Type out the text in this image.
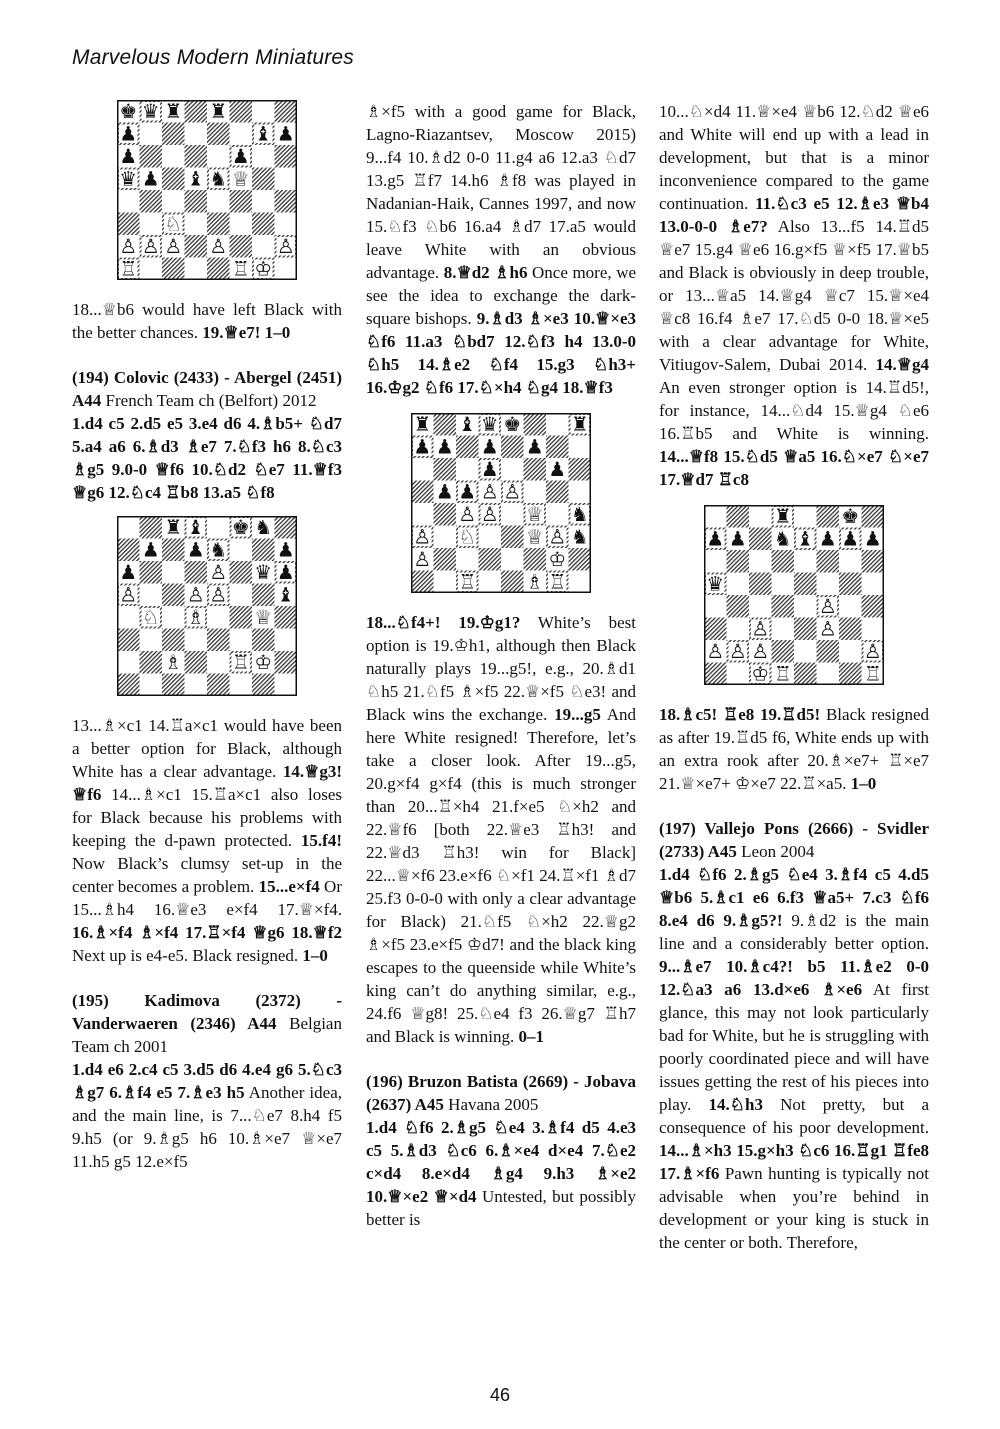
Marvelous Modern Miniatures
♚ ♛ ♜ ♜
♟	♝ ♟
♟	♟
♛ ♟ ♝ ♞ ♕
♘
♙ ♙ ♙ ♙	♙
♖	♖ ♔

18...♕b6 would have left Black with the better chances. 19.♕e7! 1–0

(194) Colovic (2433) - Abergel (2451) A44 French Team ch (Belfort) 2012

1.d4 c5 2.d5 e5 3.e4 d6 4.♗b5+ ♘d7 5.a4 a6 6.♗d3 ♗e7 7.♘f3 h6 8.♘c3 ♗g5 9.0-0 ♕f6 10.♘d2 ♘e7 11.♕f3 ♕g6 12.♘c4 ♖b8 13.a5 ♘f8

♜ ♝ ♚ ♞
♟ ♟ ♞	♟
♟	♙ ♛ ♟
♙	♙ ♙	♝
♘ ♗	♕
♗	♖ ♔

13...♗×c1 14.♖a×c1 would have been a better option for Black, although White has a clear advantage. 14.♕g3! ♕f6 14...♗×c1 15.♖a×c1 also loses for Black because his problems with keeping the d-pawn protected. 15.f4! Now Black’s clumsy set-up in the center becomes a problem. 15...e×f4 Or 15...♗h4 16.♕e3 e×f4 17.♕×f4. 16.♗×f4 ♗×f4 17.♖×f4 ♕g6 18.♕f2 Next up is e4-e5. Black resigned. 1–0

(195) Kadimova (2372) - Vanderwaeren (2346) A44 Belgian Team ch 2001

1.d4 e6 2.c4 c5 3.d5 d6 4.e4 g6 5.♘c3 ♗g7 6.♗f4 e5 7.♗e3 h5 Another idea, and the main line, is 7...♘e7 8.h4 f5 9.h5 (or 9.♗g5 h6 10.♗×e7 ♕×e7 11.h5 g5 12.e×f5

♗×f5 with a good game for Black, Lagno-Riazantsev, Moscow 2015) 9...f4 10.♗d2 0-0 11.g4 a6 12.a3 ♘d7 13.g5 ♖f7 14.h6 ♗f8 was played in Nadanian-Haik, Cannes 1997, and now 15.♘f3 ♘b6 16.a4 ♗d7 17.a5 would leave White with an obvious advantage. 8.♕d2 ♗h6 Once more, we see the idea to exchange the dark-square bishops. 9.♗d3 ♗×e3 10.♕×e3 ♘f6 11.a3 ♘bd7 12.♘f3 h4 13.0-0 ♘h5 14.♗e2 ♘f4 15.g3 ♘h3+ 16.♔g2 ♘f6 17.♘×h4 ♘g4 18.♕f3

♜ ♝ ♛ ♚	♜
♟ ♟ ♟ ♟
♟	♟
♟ ♟ ♙ ♙
♙ ♙ ♕ ♞
♙ ♘	♕ ♙ ♞
♙	♔
♖	♗ ♖

18...♘f4+! 19.♔g1? White’s best option is 19.♔h1, although then Black naturally plays 19...g5!, e.g., 20.♗d1 ♘h5 21.♘f5 ♗×f5 22.♕×f5 ♘e3! and Black wins the exchange. 19...g5 And here White resigned! Therefore, let’s take a closer look. After 19...g5, 20.g×f4 g×f4 (this is much stronger than 20...♖×h4 21.f×e5 ♘×h2 and 22.♕f6 [both 22.♕e3 ♖h3! and 22.♕d3 ♖h3! win for Black] 22...♕×f6 23.e×f6 ♘×f1 24.♖×f1 ♗d7 25.f3 0-0-0 with only a clear advantage for Black) 21.♘f5 ♘×h2 22.♕g2 ♗×f5 23.e×f5 ♔d7! and the black king escapes to the queenside while White’s king can’t do anything similar, e.g., 24.f6 ♕g8! 25.♘e4 f3 26.♕g7 ♖h7 and Black is winning. 0–1

(196) Bruzon Batista (2669) - Jobava (2637) A45 Havana 2005

1.d4 ♘f6 2.♗g5 ♘e4 3.♗f4 d5 4.e3 c5 5.♗d3 ♘c6 6.♗×e4 d×e4 7.♘e2 c×d4 8.e×d4 ♗g4 9.h3 ♗×e2 10.♕×e2 ♕×d4 Untested, but possibly better is

10...♘×d4 11.♕×e4 ♕b6 12.♘d2 ♕e6 and White will end up with a lead in development, but that is a minor inconvenience compared to the game continuation. 11.♘c3 e5 12.♗e3 ♕b4 13.0-0-0 ♗e7? Also 13...f5 14.♖d5 ♕e7 15.g4 ♕e6 16.g×f5 ♕×f5 17.♕b5 and Black is obviously in deep trouble, or 13...♕a5 14.♕g4 ♕c7 15.♕×e4 ♕c8 16.f4 ♗e7 17.♘d5 0-0 18.♕×e5 with a clear advantage for White, Vitiugov-Salem, Dubai 2014. 14.♕g4 An even stronger option is 14.♖d5!, for instance, 14...♘d4 15.♕g4 ♘e6 16.♖b5 and White is winning. 14...♕f8 15.♘d5 ♕a5 16.♘×e7 ♘×e7 17.♕d7 ♖c8

♜	♚
♟ ♟ ♞ ♝ ♟ ♟ ♟
♛
♙
♙	♙
♙ ♙ ♙	♙
♔ ♖	♖

18.♗c5! ♖e8 19.♖d5! Black resigned as after 19.♖d5 f6, White ends up with an extra rook after 20.♗×e7+ ♖×e7 21.♕×e7+ ♔×e7 22.♖×a5. 1–0

(197) Vallejo Pons (2666) - Svidler (2733) A45 Leon 2004

1.d4 ♘f6 2.♗g5 ♘e4 3.♗f4 c5 4.d5 ♕b6 5.♗c1 e6 6.f3 ♕a5+ 7.c3 ♘f6 8.e4 d6 9.♗g5?! 9.♗d2 is the main line and a considerably better option. 9...♗e7 10.♗c4?! b5 11.♗e2 0-0 12.♘a3 a6 13.d×e6 ♗×e6 At first glance, this may not look particularly bad for White, but he is struggling with poorly coordinated piece and will have issues getting the rest of his pieces into play. 14.♘h3 Not pretty, but a consequence of his poor development. 14...♗×h3 15.g×h3 ♘c6 16.♖g1 ♖fe8 17.♗×f6 Pawn hunting is typically not advisable when you’re behind in development or your king is stuck in the center or both. Therefore,

46
